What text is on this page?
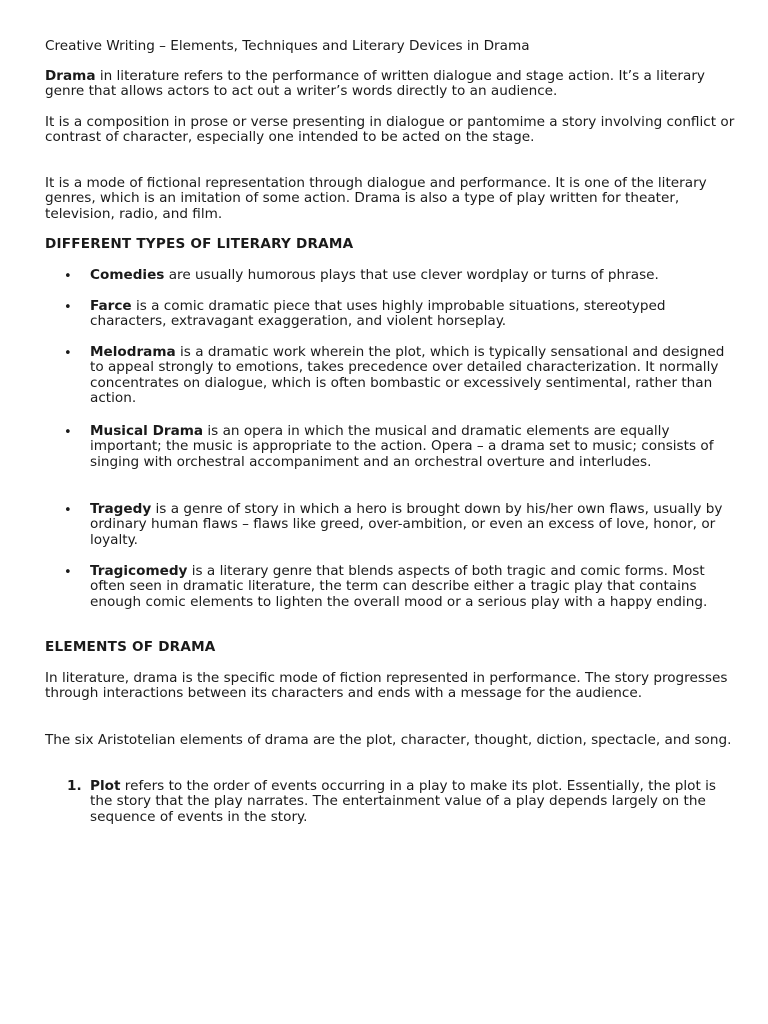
Creative Writing – Elements, Techniques and Literary Devices in Drama

Drama in literature refers to the performance of written dialogue and stage action. It’s a literary genre that allows actors to act out a writer’s words directly to an audience.

It is a composition in prose or verse presenting in dialogue or pantomime a story involving conflict or contrast of character, especially one intended to be acted on the stage.

It is a mode of fictional representation through dialogue and performance. It is one of the literary genres, which is an imitation of some action. Drama is also a type of play written for theater, television, radio, and film.

DIFFERENT TYPES OF LITERARY DRAMA
•	Comedies are usually humorous plays that use clever wordplay or turns of phrase.

•	Farce is a comic dramatic piece that uses highly improbable situations, stereotyped characters, extravagant exaggeration, and violent horseplay.

•	Melodrama is a dramatic work wherein the plot, which is typically sensational and designed to appeal strongly to emotions, takes precedence over detailed characterization. It normally concentrates on dialogue, which is often bombastic or excessively sentimental, rather than action.

•	Musical Drama is an opera in which the musical and dramatic elements are equally important; the music is appropriate to the action. Opera – a drama set to music; consists of singing with orchestral accompaniment and an orchestral overture and interludes.

•	Tragedy is a genre of story in which a hero is brought down by his/her own flaws, usually by ordinary human flaws – flaws like greed, over-ambition, or even an excess of love, honor, or loyalty.

•	Tragicomedy is a literary genre that blends aspects of both tragic and comic forms. Most often seen in dramatic literature, the term can describe either a tragic play that contains enough comic elements to lighten the overall mood or a serious play with a happy ending.

ELEMENTS OF DRAMA

In literature, drama is the specific mode of fiction represented in performance. The story progresses through interactions between its characters and ends with a message for the audience.

The six Aristotelian elements of drama are the plot, character, thought, diction, spectacle, and song.

1. Plot refers to the order of events occurring in a play to make its plot. Essentially, the plot is the story that the play narrates. The entertainment value of a play depends largely on the sequence of events in the story.
